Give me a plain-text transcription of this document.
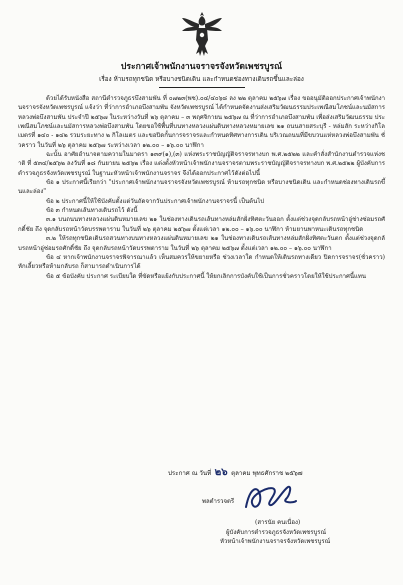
ประกาศเจ้าพนักงานจราจรจังหวัดเพชรบูรณ์
เรื่อง ห้ามรถทุกชนิด หรือบางชนิดเดิน และกำหนดช่องทางเดินรถขึ้นและล่อง

ด้วยได้รับหนังสือ สถานีตำรวจภูธรบึงสามพัน ที่ ๐๗๒๓(พช).๐๔/๔๐๖๘ ลง ๒๒ ตุลาคม ๒๕๖๗ เรื่อง ขออนุมัติออกประกาศเจ้าพนักงานจราจรจังหวัดเพชรบูรณ์ แจ้งว่า ที่ว่าการอำเภอบึงสามพัน จังหวัดเพชรบูรณ์ ได้กำหนดจัดงานส่งเสริมวัฒนธรรมประเพณีสมโภชน์และนมัสการหลวงพ่อบึงสามพัน ประจำปี ๒๕๖๗ ในระหว่างวันที่ ๒๖ ตุลาคม – ๓ พฤศจิกายน ๒๕๖๗ ณ ที่ว่าการอำเภอบึงสามพัน เพื่อส่งเสริมวัฒนธรรม ประเพณีสมโภชน์และนมัสการหลวงพ่อบึงสามพัน โดยขอใช้พื้นที่บนทางหลวงแผ่นดินทางหลวงหมายเลข ๒๑ ถนนสายสระบุรี - หล่มสัก ระหว่างกิโลเมตรที่ ๑๔๐ - ๑๔๒ รวมระยะทาง ๒ กิโลเมตร และขอปิดกั้นการจราจรและกำหนดทิศทางการเดิน บริเวณถนนที่มีขบวนแห่หลวงพ่อบึงสามพัน ชั่วคราว ในวันที่ ๒๖ ตุลาคม ๒๕๖๗ ระหว่างเวลา ๑๒.๐๐ – ๑๖.๐๐ นาฬิกา

ฉะนั้น อาศัยอำนาจตามความในมาตรา ๑๓๙(๑),(๓) แห่งพระราชบัญญัติจราจรทางบก พ.ศ.๒๕๒๒ และคำสั่งสำนักงานตำรวจแห่งชาติ ที่ ๕๓๔/๒๕๖๒ ลงวันที่ ๑๘ กันยายน ๒๕๖๒ เรื่อง แต่งตั้งหัวหน้าเจ้าพนักงานจราจรตามพระราชบัญญัติจราจรทางบก พ.ศ.๒๕๒๒ ผู้บังคับการตำรวจภูธรจังหวัดเพชรบูรณ์ ในฐานะหัวหน้าเจ้าพนักงานจราจร จึงได้ออกประกาศไว้ดังต่อไปนี้

ข้อ ๑ ประกาศนี้เรียกว่า "ประกาศเจ้าพนักงานจราจรจังหวัดเพชรบูรณ์ ห้ามรถทุกชนิด หรือบางชนิดเดิน และกำหนดช่องทางเดินรถขึ้นและล่อง"

ข้อ ๒ ประกาศนี้ให้ใช้บังคับตั้งแต่วันถัดจากวันประกาศเจ้าพนักงานจราจรนี้ เป็นต้นไป

ข้อ ๓ กำหนดเส้นทางเดินรถไว้ ดังนี้

๓.๑ บนถนนทางหลวงแผ่นดินหมายเลข ๒๑ ในช่องทางเดินรถเส้นทางหล่มสักฝั่งทิศตะวันออก ตั้งแต่ช่วงจุดกลับรถหน้าอู่ช่างซ่อมรถศักดิ์ชัย ถึง จุดกลับรถหน้าวัดบรรพตาราม ในวันที่ ๒๖ ตุลาคม ๒๕๖๗ ตั้งแต่เวลา ๑๒.๐๐ – ๑๖.๐๐ นาฬิกา ห้ามยานพาหนะเดินรถทุกชนิด

๓.๒ ให้รถทุกชนิดเดินรถสวนทางบนทางหลวงแผ่นดินหมายเลข ๒๑ ในช่องทางเดินรถเส้นทางหล่มสักฝั่งทิศตะวันตก ตั้งแต่ช่วงจุดกลับรถหน้าอู่ซ่อมรถศักดิ์ชัย ถึง จุดกลับรถหน้าวัดบรรพตาราม ในวันที่ ๒๖ ตุลาคม ๒๕๖๗ ตั้งแต่เวลา ๑๒.๐๐ – ๑๖.๐๐ นาฬิกา

ข้อ ๔ หากเจ้าพนักงานจราจรพิจารณาแล้ว เห็นสมควรให้ขยายหรือ ช่วงเวลาใด กำหนดให้เดินรถทางเดียว ปิดการจราจร(ชั่วคราว) หักเลี้ยวหรือห้ามกลับรถ ก็สามารถดำเนินการได้

ข้อ ๕ ข้อบังคับ ประกาศ ระเบียบใด ที่ขัดหรือแย้งกับประกาศนี้ ให้ยกเลิกการบังคับใช้เป็นการชั่วคราวโดยให้ใช้ประกาศนี้แทน

ประกาศ ณ วันที่ ๒๖ ตุลาคม พุทธศักราช ๒๕๖๗
พลตำรวจตรี
(สารนัย คนเนื่อง)
ผู้บังคับการตำรวจภูธรจังหวัดเพชรบูรณ์
หัวหน้าเจ้าพนักงานจราจรจังหวัดเพชรบูรณ์
